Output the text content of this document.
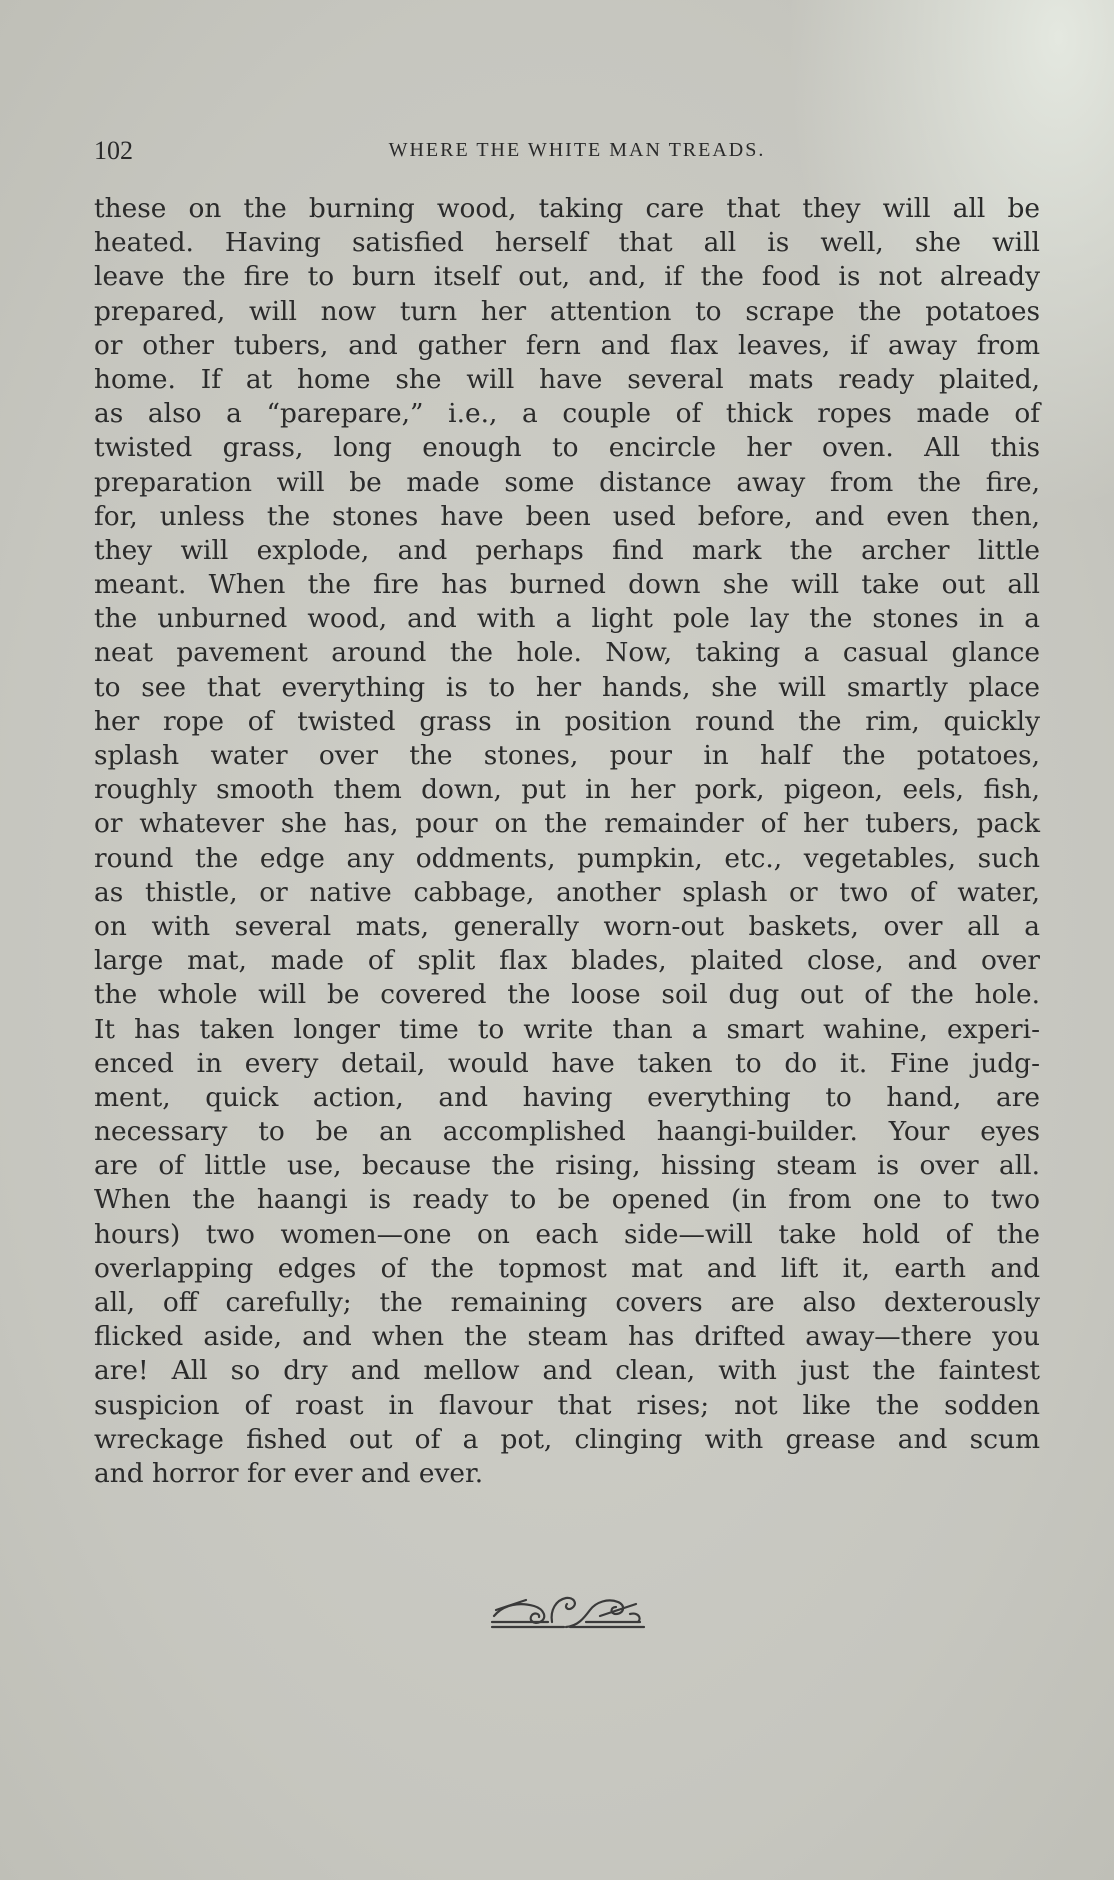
102	WHERE THE WHITE MAN TREADS.
these on the burning wood, taking care that they will all be
heated. Having satisfied herself that all is well, she will
leave the fire to burn itself out, and, if the food is not already
prepared, will now turn her attention to scrape the potatoes
or other tubers, and gather fern and flax leaves, if away from
home. If at home she will have several mats ready plaited,
as also a “parepare,” i.e., a couple of thick ropes made of
twisted grass, long enough to encircle her oven. All this
preparation will be made some distance away from the fire,
for, unless the stones have been used before, and even then,
they will explode, and perhaps find mark the archer little
meant. When the fire has burned down she will take out all
the unburned wood, and with a light pole lay the stones in a
neat pavement around the hole. Now, taking a casual glance
to see that everything is to her hands, she will smartly place
her rope of twisted grass in position round the rim, quickly
splash water over the stones, pour in half the potatoes,
roughly smooth them down, put in her pork, pigeon, eels, fish,
or whatever she has, pour on the remainder of her tubers, pack
round the edge any oddments, pumpkin, etc., vegetables, such
as thistle, or native cabbage, another splash or two of water,
on with several mats, generally worn-out baskets, over all a
large mat, made of split flax blades, plaited close, and over
the whole will be covered the loose soil dug out of the hole.
It has taken longer time to write than a smart wahine, experi-
enced in every detail, would have taken to do it. Fine judg-
ment, quick action, and having everything to hand, are
necessary to be an accomplished haangi-builder. Your eyes
are of little use, because the rising, hissing steam is over all.
When the haangi is ready to be opened (in from one to two
hours) two women—one on each side—will take hold of the
overlapping edges of the topmost mat and lift it, earth and
all, off carefully; the remaining covers are also dexterously
flicked aside, and when the steam has drifted away—there you
are! All so dry and mellow and clean, with just the faintest
suspicion of roast in flavour that rises; not like the sodden
wreckage fished out of a pot, clinging with grease and scum
and horror for ever and ever.
